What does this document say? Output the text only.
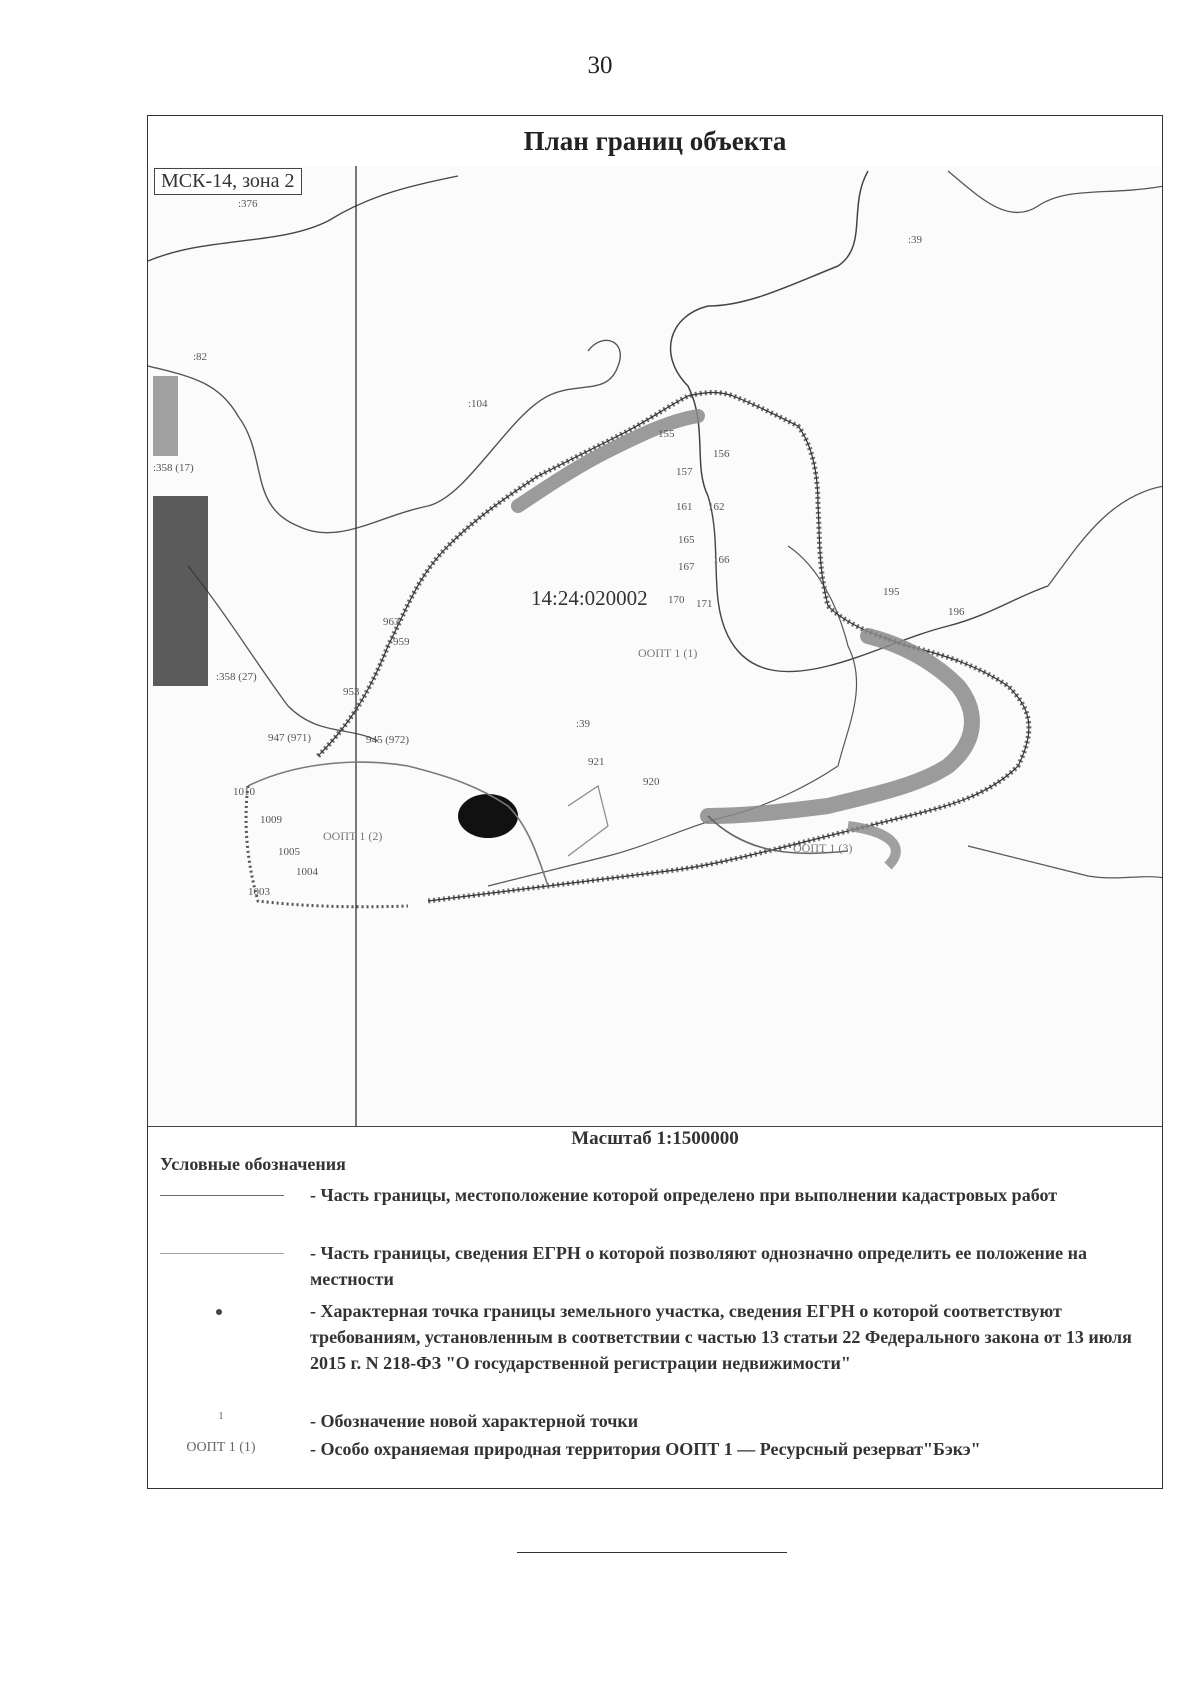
30
План границ объекта
МСК-14, зона 2
14:24:020002
ООПТ 1 (1)
ООПТ 1 (2)
ООПТ 1 (3)
:376
:39
:82
:104
:358 (17)
:358 (27)
:39
155
156
157
161 162
165
166
167
170 171
195
196
920
921
1003
1004
1005
1009
1010
953
959
963
945 (972)
947 (971)
Масштаб 1:1500000
Условные обозначения
- Часть границы, местоположение которой определено при выполнении кадастровых работ
- Часть границы, сведения ЕГРН о которой позволяют однозначно определить ее положение на местности
- Характерная точка границы земельного участка, сведения ЕГРН о которой соответствуют требованиям, установленным в соответствии с частью 13 статьи 22 Федерального закона от 13 июля 2015 г. N 218-ФЗ "О государственной регистрации недвижимости"
1	- Обозначение новой характерной точки
ООПТ 1 (1)	- Особо охраняемая природная территория ООПТ 1 — Ресурсный резерват"Бэкэ"
